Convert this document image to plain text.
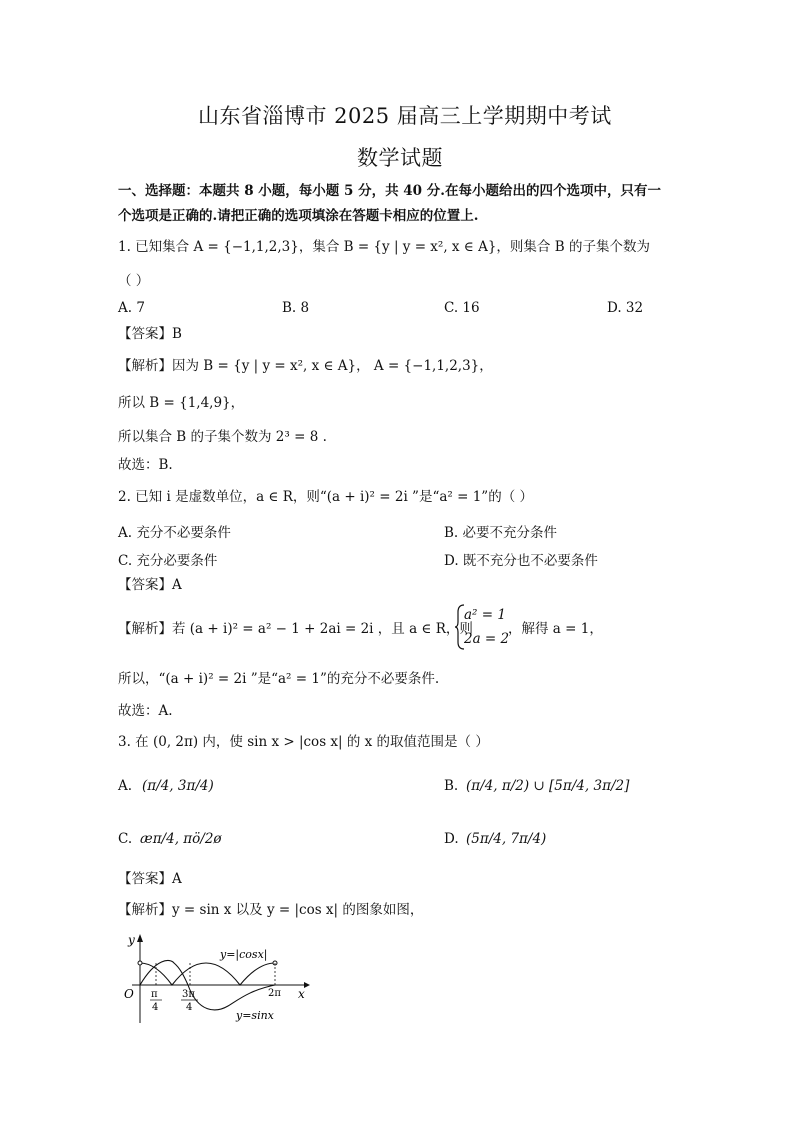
山东省淄博市 2025 届高三上学期期中考试
数学试题
一、选择题：本题共 8 小题，每小题 5 分，共 40 分.在每小题给出的四个选项中，只有一
个选项是正确的.请把正确的选项填涂在答题卡相应的位置上.
1. 已知集合 A = {−1,1,2,3}，集合 B = {y | y = x², x ∈ A}，则集合 B 的子集个数为
（ ）
A. 7	B. 8	C. 16	D. 32
【答案】B
【解析】因为 B = {y | y = x², x ∈ A}， A = {−1,1,2,3}，
所以 B = {1,4,9}，
所以集合 B 的子集个数为 2³ = 8 .
故选：B.
2. 已知 i 是虚数单位，a ∈ R，则“(a + i)² = 2i ”是“a² = 1”的（ ）
A. 充分不必要条件	B. 必要不充分条件
C. 充分必要条件	D. 既不充分也不必要条件
【答案】A
【解析】若 (a + i)² = a² − 1 + 2ai = 2i ，且 a ∈ R，则
a² = 1
2a = 2
，解得 a = 1，
所以，“(a + i)² = 2i ”是“a² = 1”的充分不必要条件.
故选：A.
3. 在 (0, 2π) 内，使 sin x > |cos x| 的 x 的取值范围是（ ）
A. (π/4, 3π/4)	B. (π/4, π/2) ∪ [5π/4, 3π/2]
C. æπ/4, πö/2ø	D. (5π/4, 7π/4)
【答案】A
【解析】y = sin x 以及 y = |cos x| 的图象如图，
y
x
O
y=|cosx|
y=sinx
π
4
3π
4
2π
